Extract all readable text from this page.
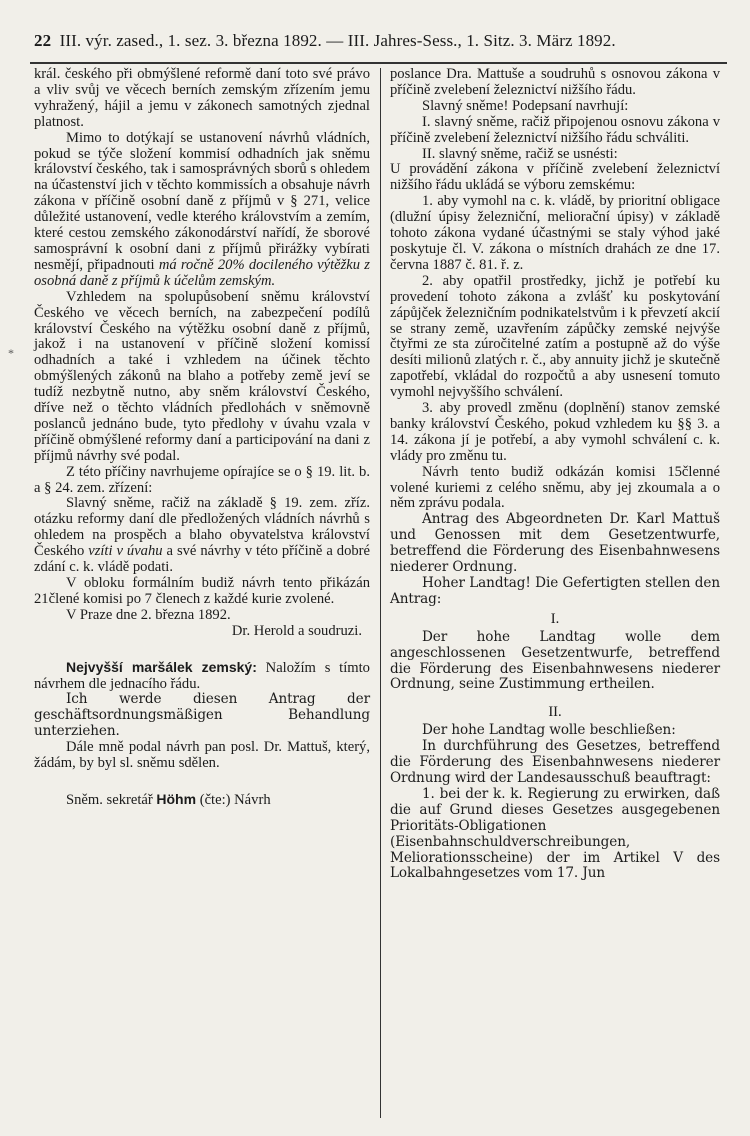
22 III. výr. zased., 1. sez. 3. března 1892. — III. Jahres-Sess., 1. Sitz. 3. März 1892.
*

král. českého při obmýšlené reformě daní toto své právo a vliv svůj ve věcech berních zemským zřízením jemu vyhražený, hájil a jemu v zákonech samotných zjednal platnost.

Mimo to dotýkají se ustanovení návrhů vládních, pokud se týče složení kommisí odhadních jak sněmu království českého, tak i samosprávných sborů s ohledem na účastenství jich v těchto kommissích a obsahuje návrh zákona v příčině osobní daně z příjmů v § 271, velice důležité ustanovení, vedle kterého královstvím a zemím, které cestou zemského zákonodárství nařídí, že sborové samosprávní k osobní dani z příjmů přirážky vybírati nesmějí, připadnouti má ročně 20% docileného výtěžku z osobná daně z příjmů k účelům zemským.

Vzhledem na spolupůsobení sněmu království Českého ve věcech berních, na zabezpečení podílů království Českého na výtěžku osobní daně z příjmů, jakož i na ustanovení v příčině složení komissí odhadních a také i vzhledem na účinek těchto obmýšlených zákonů na blaho a potřeby země jeví se tudíž nezbytně nutno, aby sněm království Českého, dříve než o těchto vládních předlohách v sněmovně poslanců jednáno bude, tyto předlohy v úvahu vzala v příčině obmýšlené reformy daní a participování na dani z příjmů návrhy své podal.

Z této příčiny navrhujeme opírajíce se o § 19. lit. b. a § 24. zem. zřízení:

Slavný sněme, račiž na základě § 19. zem. zříz. otázku reformy daní dle předložených vládních návrhů s ohledem na prospěch a blaho obyvatelstva království Českého vzíti v úvahu a své návrhy v této příčině a dobré zdání c. k. vládě podati.

V obloku formálním budiž návrh tento přikázán 21člené komisi po 7 členech z každé kurie zvolené.

V Praze dne 2. března 1892.

Dr. Herold a soudruzi.

Nejvyšší maršálek zemský: Naložím s tímto návrhem dle jednacího řádu.

Ich werde diesen Antrag der geschäftsordnungsmäßigen Behandlung unterziehen.

Dále mně podal návrh pan posl. Dr. Mattuš, který, žádám, by byl sl. sněmu sdělen.

Sněm. sekretář Höhm (čte:) Návrh

poslance Dra. Mattuše a soudruhů s osnovou zákona v příčině zvelebení železnictví nižšího řádu.

Slavný sněme! Podepsaní navrhují:

I. slavný sněme, račiž připojenou osnovu zákona v příčině zvelebení železnictví nižšího řádu schváliti.

II. slavný sněme, račiž se usnésti:

U provádění zákona v příčině zvelebení železnictví nižšího řádu ukládá se výboru zemskému:

1. aby vymohl na c. k. vládě, by prioritní obligace (dlužní úpisy železniční, meliorační úpisy) v základě tohoto zákona vydané účastnými se staly výhod jaké poskytuje čl. V. zákona o místních drahách ze dne 17. června 1887 č. 81. ř. z.

2. aby opatřil prostředky, jichž je potřebí ku provedení tohoto zákona a zvlášť ku poskytování zápůjček železničním podnikatelstvům i k převzetí akcií se strany země, uzavřením zápůčky zemské nejvýše čtyřmi ze sta zúročitelné zatím a postupně až do výše desíti milionů zlatých r. č., aby annuity jichž je skutečně zapotřebí, vkládal do rozpočtů a aby usnesení tomuto vymohl nejvyššího schválení.

3. aby provedl změnu (doplnění) stanov zemské banky království Českého, pokud vzhledem ku §§ 3. a 14. zákona jí je potřebí, a aby vymohl schválení c. k. vlády pro změnu tu.

Návrh tento budiž odkázán komisi 15členné volené kuriemi z celého sněmu, aby jej zkoumala a o něm zprávu podala.

Antrag des Abgeordneten Dr. Karl Mattuš und Genossen mit dem Gesetzentwurfe, betreffend die Förderung des Eisenbahnwesens niederer Ordnung.

Hoher Landtag! Die Gefertigten stellen den Antrag:

I.

Der hohe Landtag wolle dem angeschlossenen Gesetzentwurfe, betreffend die Förderung des Eisenbahnwesens niederer Ordnung, seine Zustimmung ertheilen.

II.

Der hohe Landtag wolle beschließen:

In durchführung des Gesetzes, betreffend die Förderung des Eisenbahnwesens niederer Ordnung wird der Landesausschuß beauftragt:

1. bei der k. k. Regierung zu erwirken, daß die auf Grund dieses Gesetzes ausgegebenen Prioritäts-Obligationen (Eisenbahnschuldverschreibungen, Meliorationsscheine) der im Artikel V des Lokalbahngesetzes vom 17. Jun
